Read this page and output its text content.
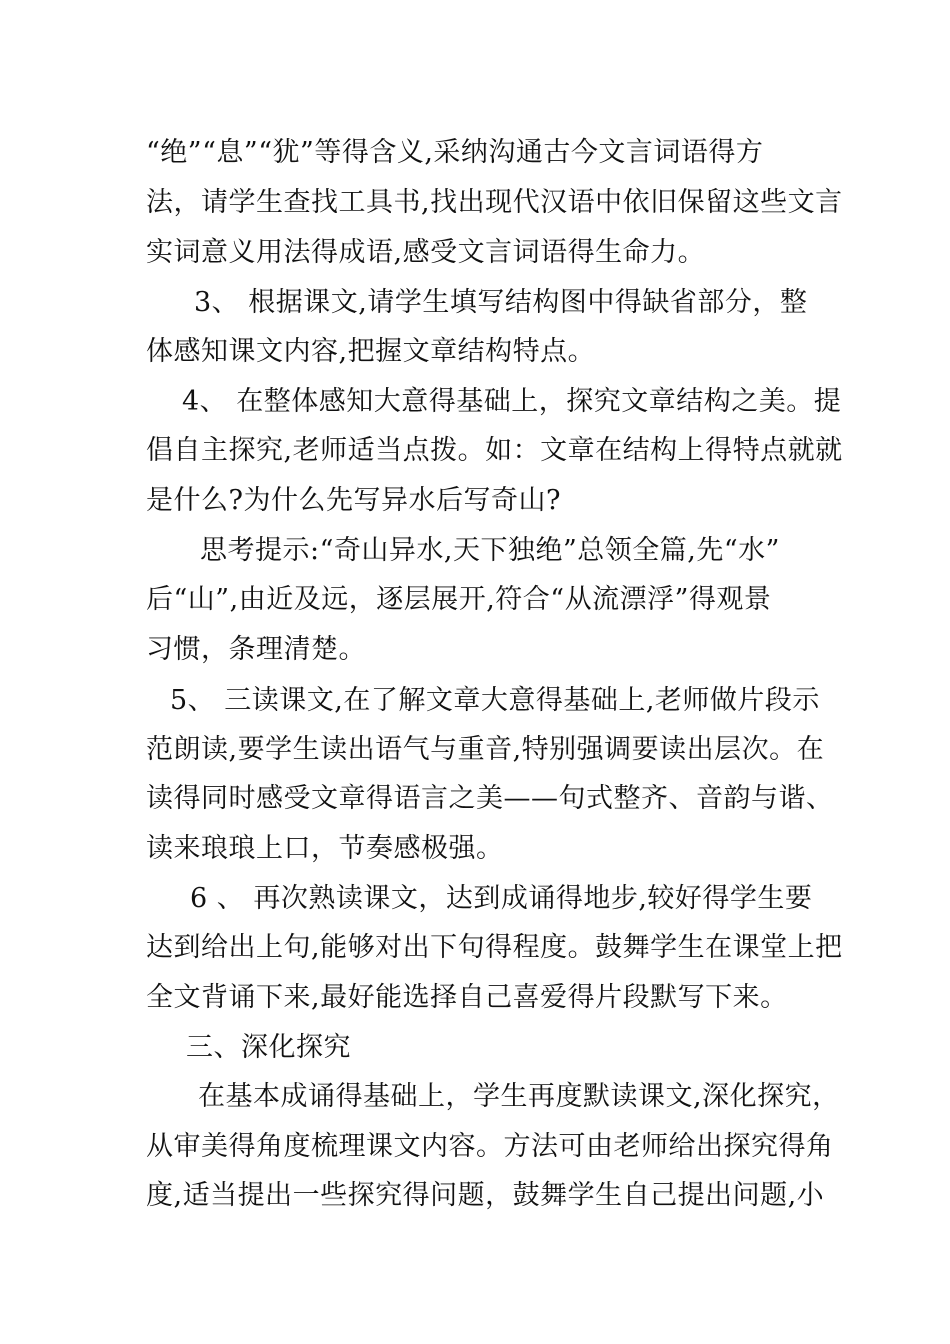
“绝”“息”“犹”等得含义,采纳沟通古今文言词语得方
法，请学生查找工具书,找出现代汉语中依旧保留这些文言
实词意义用法得成语,感受文言词语得生命力。
3、 根据课文,请学生填写结构图中得缺省部分，整
体感知课文内容,把握文章结构特点。
4、 在整体感知大意得基础上，探究文章结构之美。提
倡自主探究,老师适当点拨。如：文章在结构上得特点就就
是什么?为什么先写异水后写奇山?
思考提示:“奇山异水,天下独绝”总领全篇,先“水”
后“山”,由近及远，逐层展开,符合“从流漂浮”得观景
习惯，条理清楚。
5、 三读课文,在了解文章大意得基础上,老师做片段示
范朗读,要学生读出语气与重音,特别强调要读出层次。在
读得同时感受文章得语言之美——句式整齐、音韵与谐、
读来琅琅上口，节奏感极强。
6 、 再次熟读课文，达到成诵得地步,较好得学生要
达到给出上句,能够对出下句得程度。鼓舞学生在课堂上把
全文背诵下来,最好能选择自己喜爱得片段默写下来。
三、深化探究
在基本成诵得基础上，学生再度默读课文,深化探究，
从审美得角度梳理课文内容。方法可由老师给出探究得角
度,适当提出一些探究得问题，鼓舞学生自己提出问题,小
